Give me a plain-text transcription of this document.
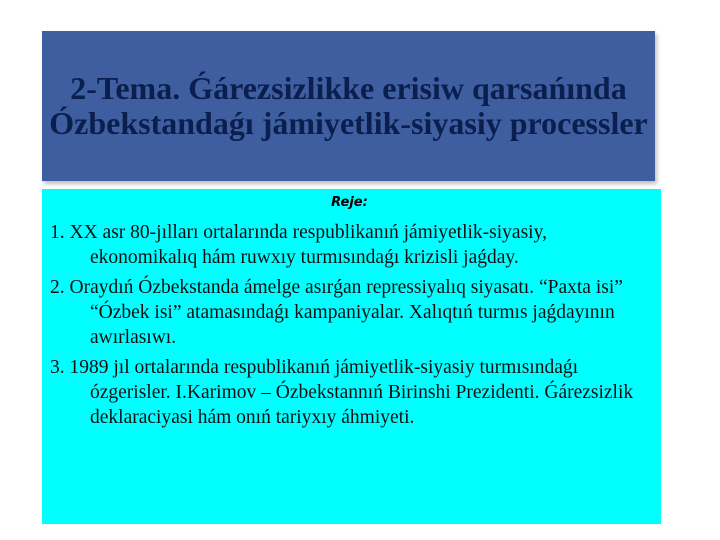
2-Tema. Ǵárezsizlikke erisiw qarsańında Ózbekstandaǵı jámiyetlik-siyasiy processler
Reje:
1. XX asr 80-jılları ortalarında respublikanıń jámiyetlik-siyasiy, ekonomikalıq hám ruwxıy turmısındaǵı krizisli jaǵday.
2. Oraydıń Ózbekstanda ámelge asırǵan repressiyalıq siyasatı. “Paxta isi” “Ózbek isi” atamasındaǵı kampaniyalar. Xalıqtıń turmıs jaǵdayının awırlasıwı.
3. 1989 jıl ortalarında respublikanıń jámiyetlik-siyasiy turmısındaǵı ózgerisler. I.Karimov – Ózbekstannıń Birinshi Prezidenti. Ǵárezsizlik deklaraciyasi hám onıń tariyxıy áhmiyeti.
